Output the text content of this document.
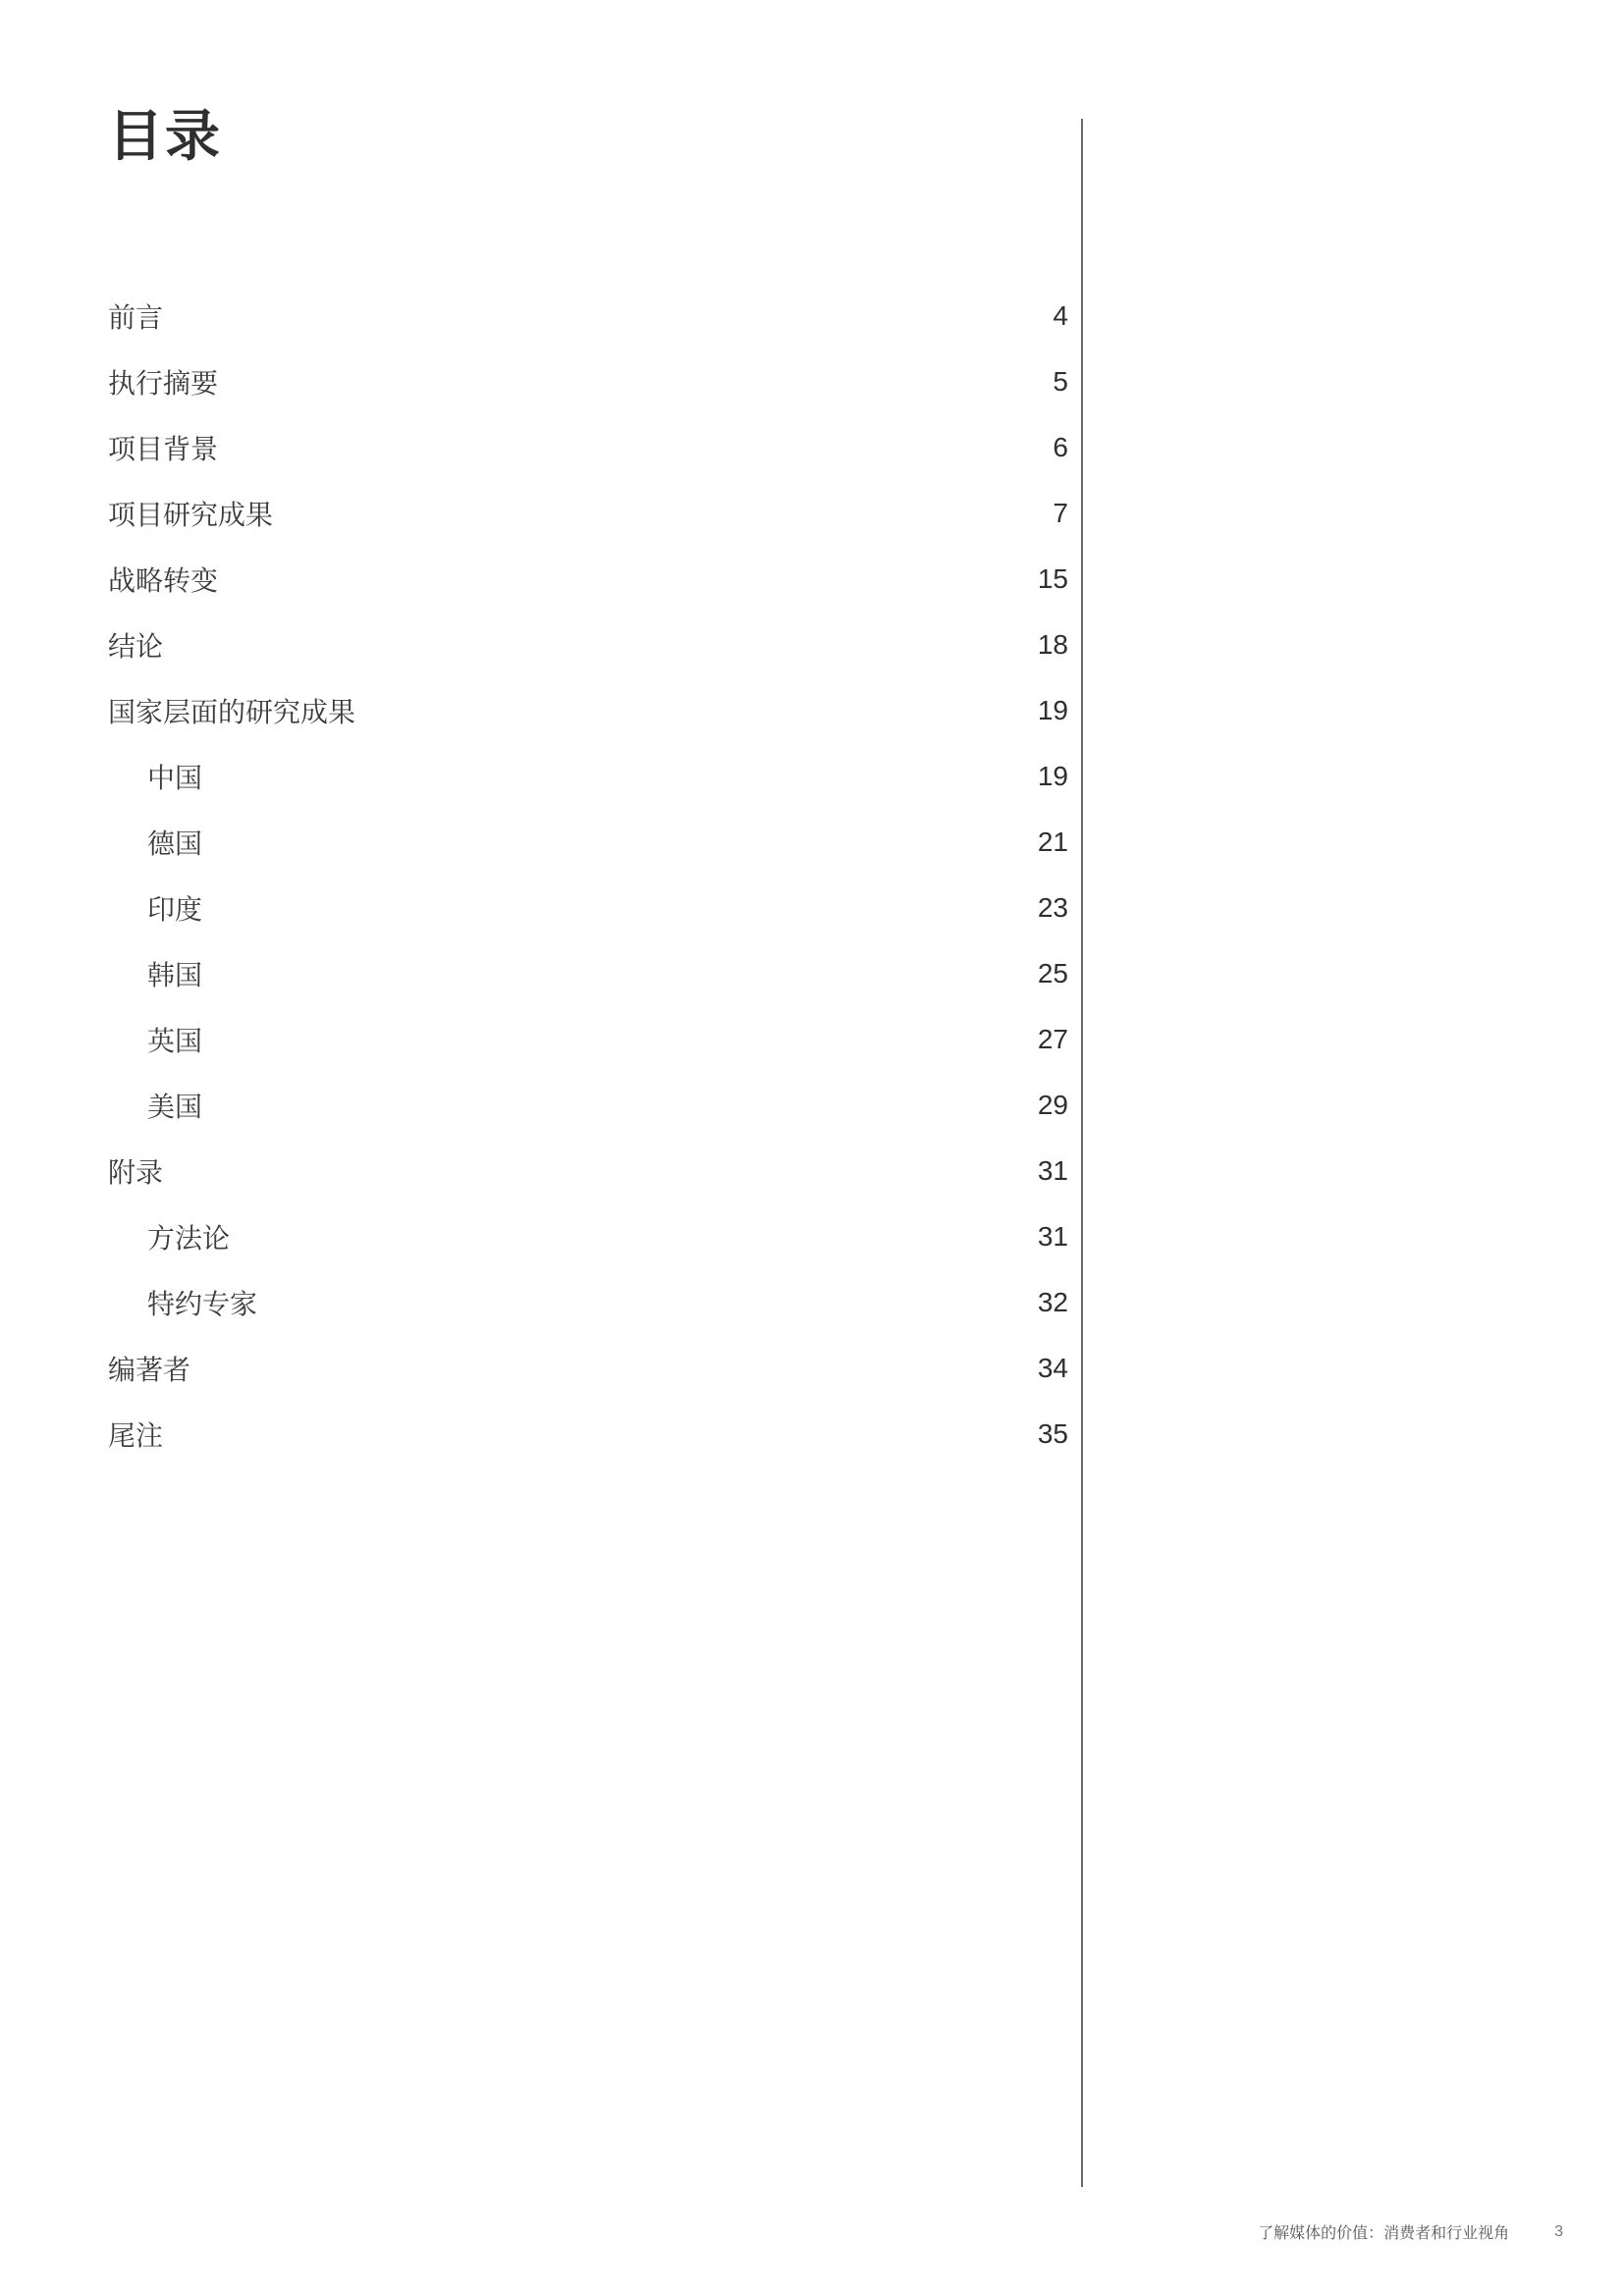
目录
前言	4
执行摘要	5
项目背景	6
项目研究成果	7
战略转变	15
结论	18
国家层面的研究成果	19
中国	19
德国	21
印度	23
韩国	25
英国	27
美国	29
附录	31
方法论	31
特约专家	32
编著者	34
尾注	35
了解媒体的价值：消费者和行业视角	3
